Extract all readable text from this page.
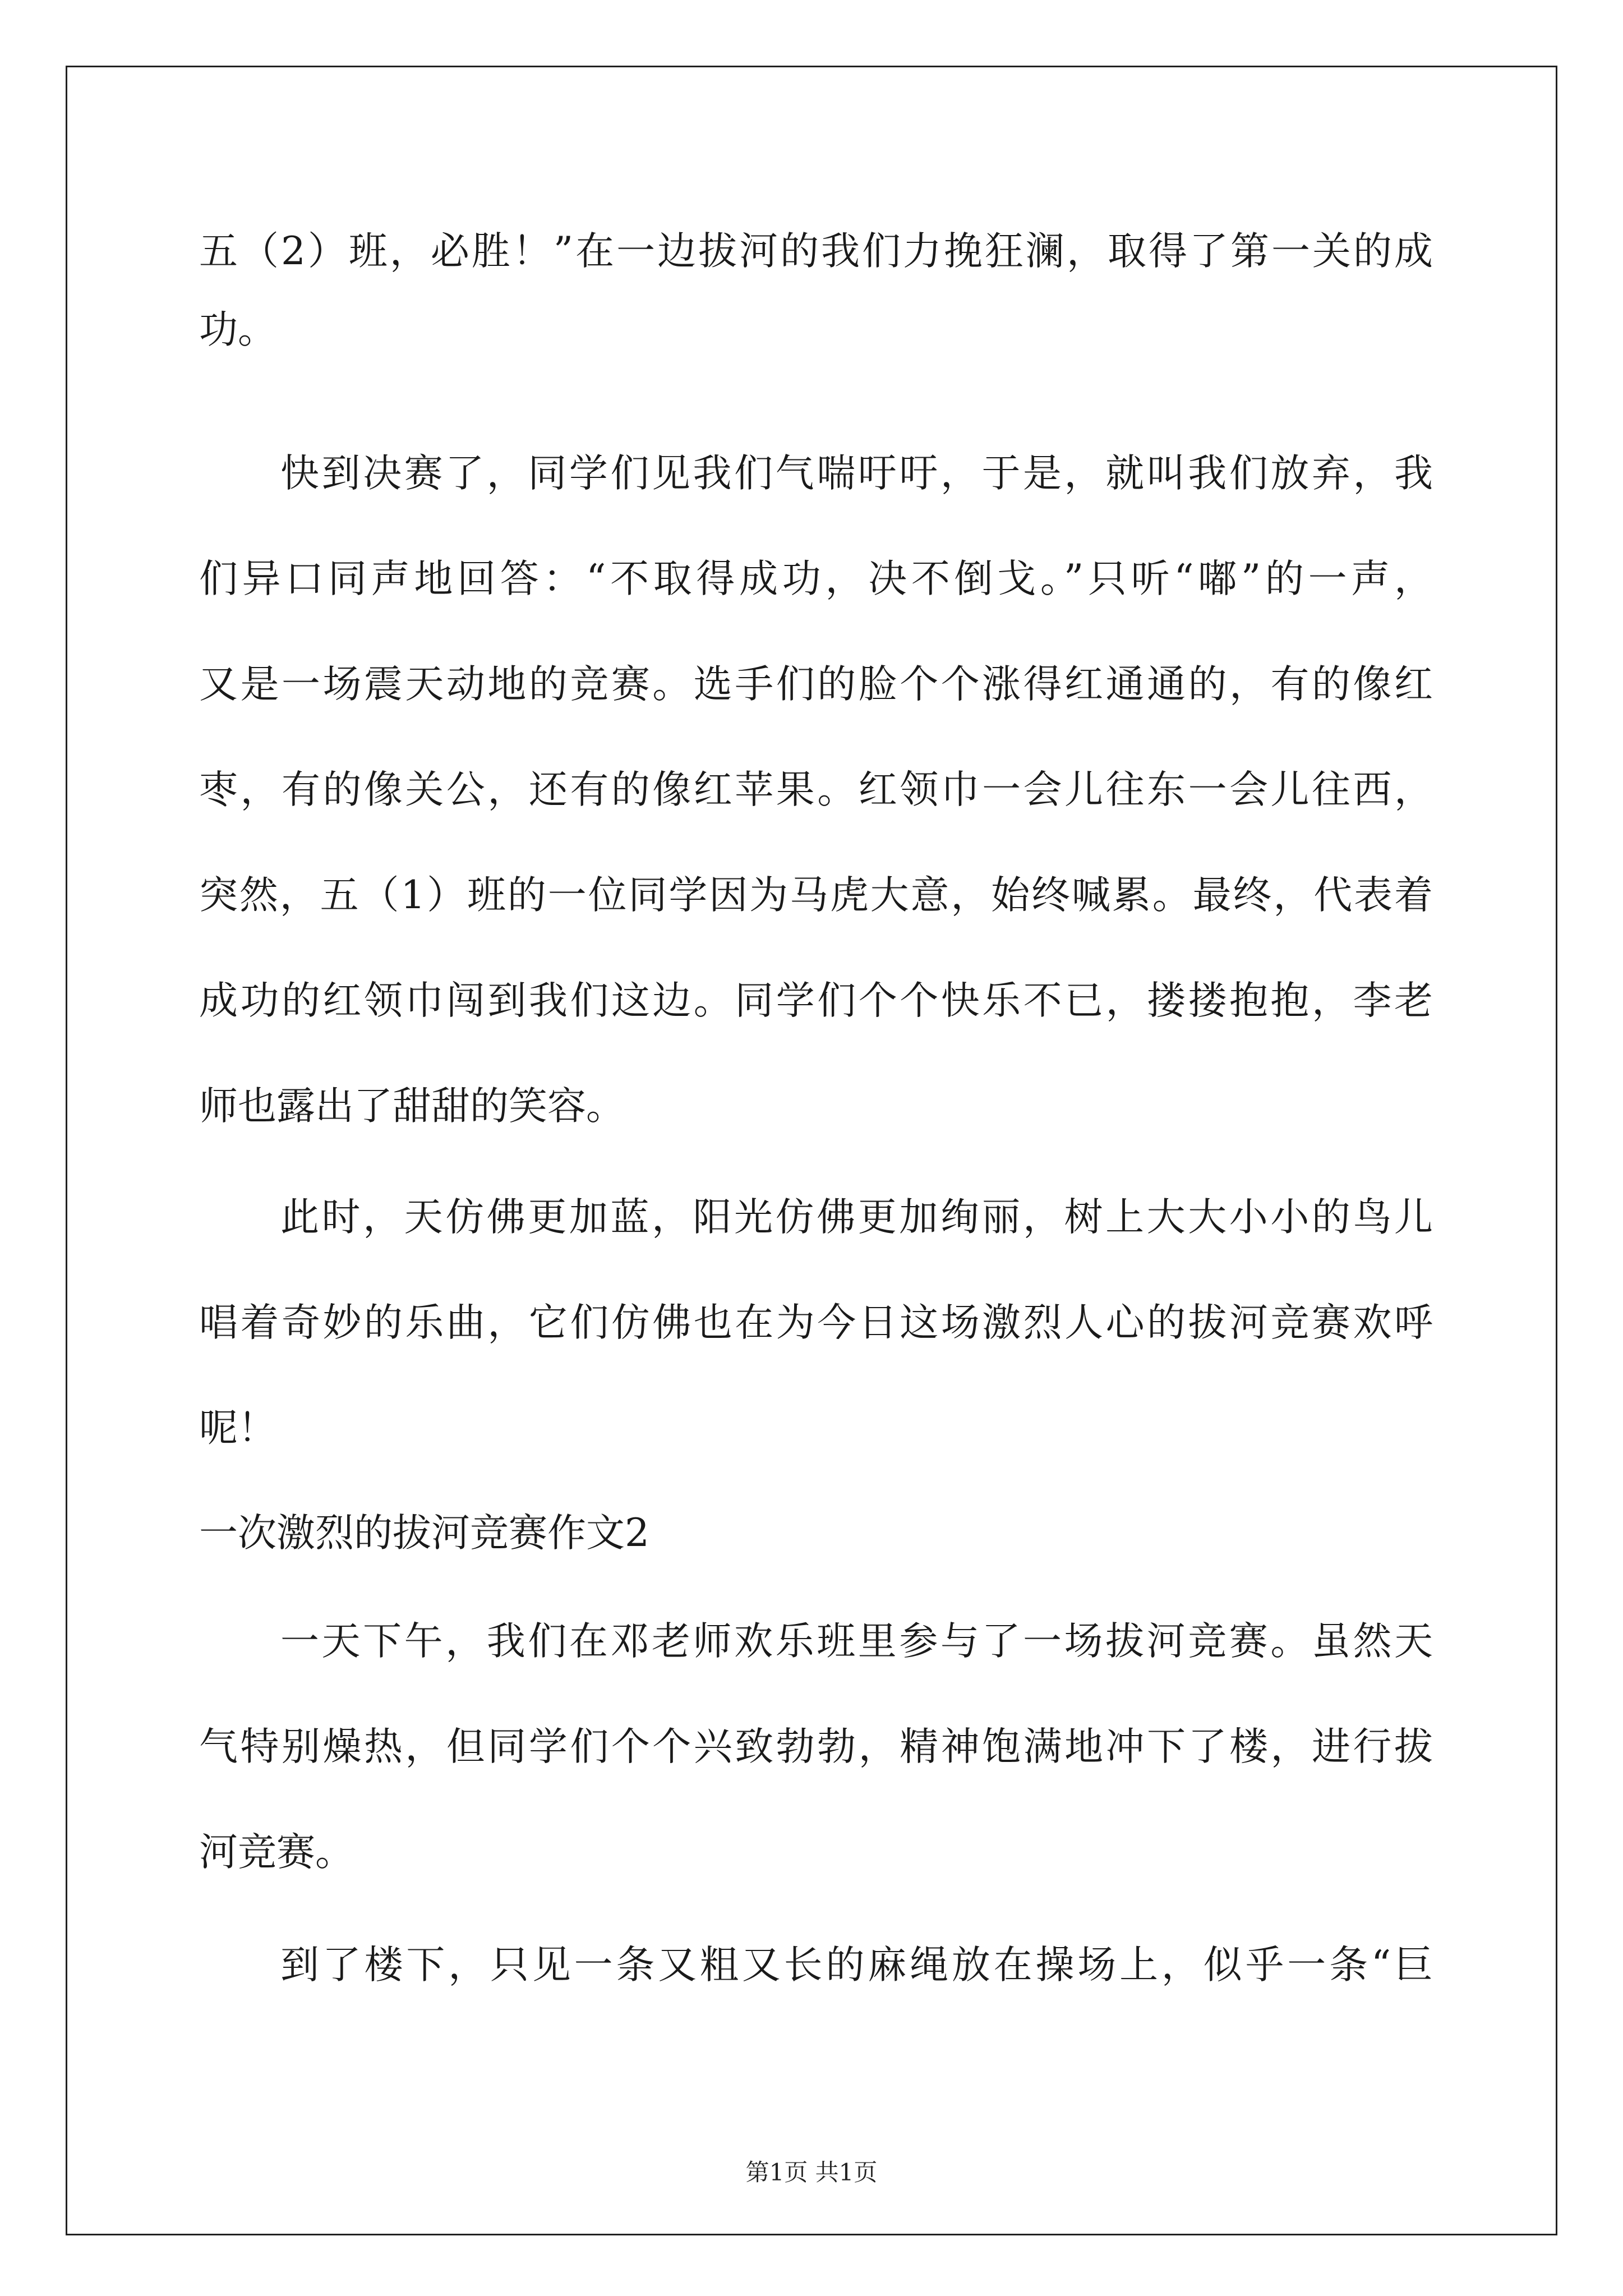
五（2）班，必胜！”在一边拔河的我们力挽狂澜，取得了第一关的成

功。

快到决赛了，同学们见我们气喘吁吁，于是，就叫我们放弃，我

们异口同声地回答：“不取得成功，决不倒戈。”只听“嘟”的一声，

又是一场震天动地的竞赛。选手们的脸个个涨得红通通的，有的像红

枣，有的像关公，还有的像红苹果。红领巾一会儿往东一会儿往西，

突然，五（1）班的一位同学因为马虎大意，始终喊累。最终，代表着

成功的红领巾闯到我们这边。同学们个个快乐不已，搂搂抱抱，李老

师也露出了甜甜的笑容。

此时，天仿佛更加蓝，阳光仿佛更加绚丽，树上大大小小的鸟儿

唱着奇妙的乐曲，它们仿佛也在为今日这场激烈人心的拔河竞赛欢呼

呢！

一次激烈的拔河竞赛作文2

一天下午，我们在邓老师欢乐班里参与了一场拔河竞赛。虽然天

气特别燥热，但同学们个个兴致勃勃，精神饱满地冲下了楼，进行拔

河竞赛。

到了楼下，只见一条又粗又长的麻绳放在操场上，似乎一条“巨

第1页 共1页
